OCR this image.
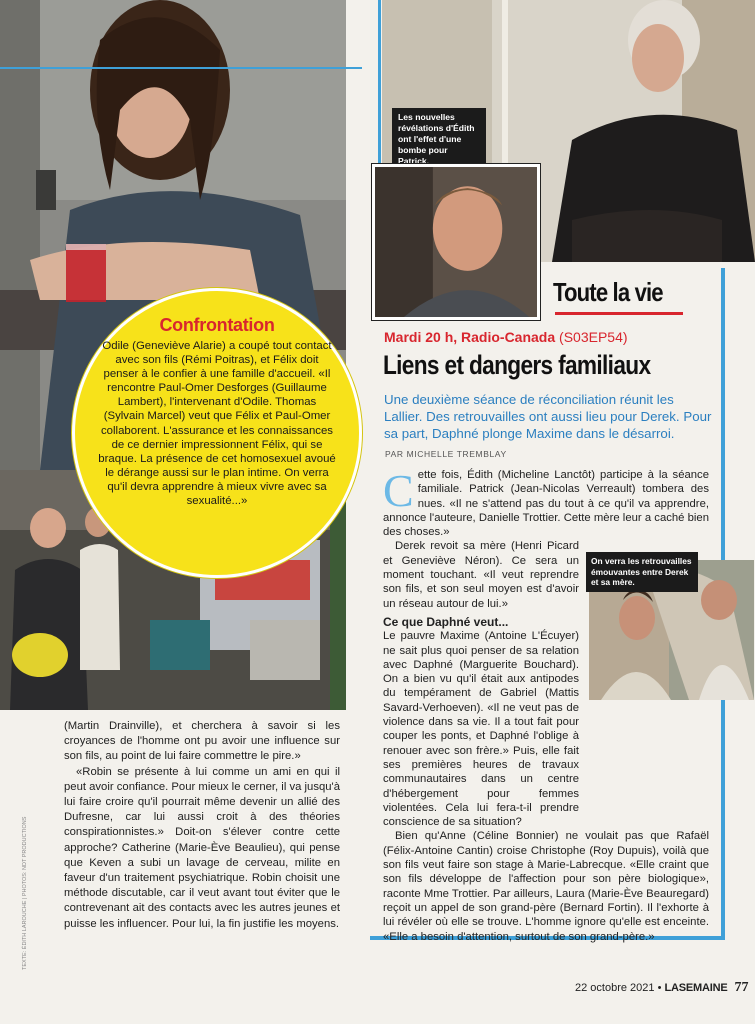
Confrontation

Odile (Geneviève Alarie) a coupé tout contact avec son fils (Rémi Poitras), et Félix doit penser à le confier à une famille d'accueil. «Il rencontre Paul-Omer Desforges (Guillaume Lambert), l'intervenant d'Odile. Thomas (Sylvain Marcel) veut que Félix et Paul-Omer collaborent. L'assurance et les connaissances de ce dernier impressionnent Félix, qui se braque. La présence de cet homosexuel avoué le dérange aussi sur le plan intime. On verra qu'il devra apprendre à mieux vivre avec sa sexualité...»

(Martin Drainville), et cherchera à savoir si les croyances de l'homme ont pu avoir une influence sur son fils, au point de lui faire commettre le pire.»

«Robin se présente à lui comme un ami en qui il peut avoir confiance. Pour mieux le cerner, il va jusqu'à lui faire croire qu'il pourrait même devenir un allié des Dufresne, car lui aussi croit à des théories conspirationnistes.» Doit-on s'élever contre cette approche? Catherine (Marie-Ève Beaulieu), qui pense que Keven a subi un lavage de cerveau, milite en faveur d'un traitement psychiatrique. Robin choisit une méthode discutable, car il veut avant tout éviter que le contrevenant ait des contacts avec les autres jeunes et puisse les influencer. Pour lui, la fin justifie les moyens.

TEXTE: ÉDITH LAROUCHE | PHOTOS: NDT PRODUCTIONS
Les nouvelles révélations d'Édith ont l'effet d'une bombe pour Patrick.
Toute la vie
Mardi 20 h, Radio-Canada (S03EP54)
Liens et dangers familiaux
Une deuxième séance de réconciliation réunit les Lallier. Des retrouvailles ont aussi lieu pour Derek. Pour sa part, Daphné plonge Maxime dans le désarroi.
PAR MICHELLE TREMBLAY

Cette fois, Édith (Micheline Lanctôt) participe à la séance familiale. Patrick (Jean-Nicolas Verreault) tombera des nues. «Il ne s'attend pas du tout à ce qu'il va apprendre, annonce l'auteure, Danielle Trottier. Cette mère leur a caché bien des choses.»

Derek revoit sa mère (Henri Picard et Geneviève Néron). Ce sera un moment touchant. «Il veut reprendre son fils, et son seul moyen est d'avoir un réseau autour de lui.»

Ce que Daphné veut...

Le pauvre Maxime (Antoine L'Écuyer) ne sait plus quoi penser de sa relation avec Daphné (Marguerite Bouchard). On a bien vu qu'il était aux antipodes du tempérament de Gabriel (Mattis Savard-Verhoeven). «Il ne veut pas de violence dans sa vie. Il a tout fait pour couper les ponts, et Daphné l'oblige à renouer avec son frère.» Puis, elle fait ses premières heures de travaux communautaires dans un centre d'hébergement pour femmes violentées. Cela lui fera-t-il prendre conscience de sa situation?

Bien qu'Anne (Céline Bonnier) ne voulait pas que Rafaël (Félix-Antoine Cantin) croise Christophe (Roy Dupuis), voilà que son fils veut faire son stage à Marie-Labrecque. «Elle craint que son fils développe de l'affection pour son père biologique», raconte Mme Trottier. Par ailleurs, Laura (Marie-Ève Beauregard) reçoit un appel de son grand-père (Bernard Fortin). Il l'exhorte à lui révéler où elle se trouve. L'homme ignore qu'elle est enceinte. «Elle a besoin d'attention, surtout de son grand-père.»

On verra les retrouvailles émouvantes entre Derek et sa mère.
22 octobre 2021 • LASEMAINE 77
